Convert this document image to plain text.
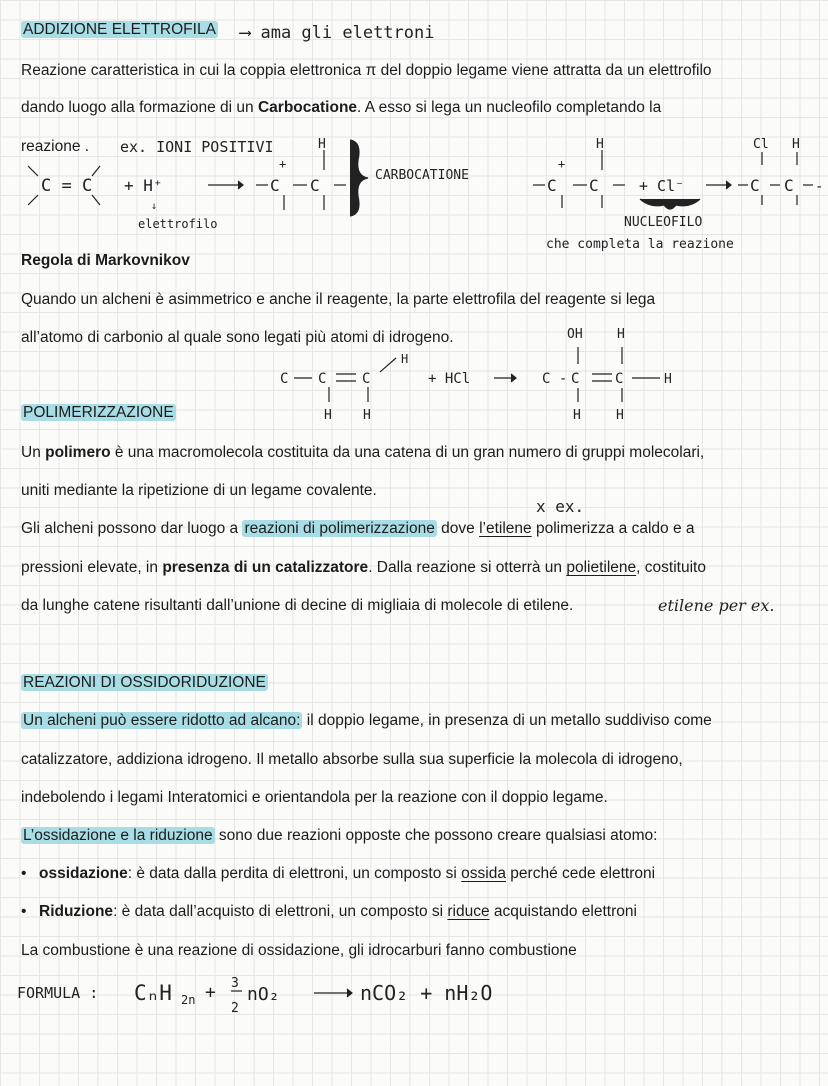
ADDIZIONE ELETTROFILA ⟶ ama gli elettroni
Reazione caratteristica in cui la coppia elettronica π del doppio legame viene attratta da un elettrofilo
dando luogo alla formazione di un Carbocatione. A esso si lega un nucleofilo completando la
reazione . ex. IONI POSITIVI
CARBOCATIONE
elettrofilo	NUCLEOFILO
che completa la reazione
C = C + H⁺
↓
C C
+
H
C C
+
H
+ Cl⁻	C C -
Cl H
C C	C
H
H H
+ HCl	C - C	C	H
OH	H
H	H
CₙH 2n + 3
2
nO₂	nCO₂ + nH₂O
Regola di Markovnikov
Quando un alcheni è asimmetrico e anche il reagente, la parte elettrofila del reagente si lega
all’atomo di carbonio al quale sono legati più atomi di idrogeno.
POLIMERIZZAZIONE
Un polimero è una macromolecola costituita da una catena di un gran numero di gruppi molecolari,
uniti mediante la ripetizione di un legame covalente.
x ex.
Gli alcheni possono dar luogo a reazioni di polimerizzazione dove l’etilene polimerizza a caldo e a
pressioni elevate, in presenza di un catalizzatore. Dalla reazione si otterrà un polietilene, costituito
da lunghe catene risultanti dall’unione di decine di migliaia di molecole di etilene.	etilene per ex.
REAZIONI DI OSSIDORIDUZIONE
Un alcheni può essere ridotto ad alcano: il doppio legame, in presenza di un metallo suddiviso come
catalizzatore, addiziona idrogeno. Il metallo absorbe sulla sua superficie la molecola di idrogeno,
indebolendo i legami Interatomici e orientandola per la reazione con il doppio legame.
L’ossidazione e la riduzione sono due reazioni opposte che possono creare qualsiasi atomo:
• ossidazione: è data dalla perdita di elettroni, un composto si ossida perché cede elettroni
• Riduzione: è data dall’acquisto di elettroni, un composto si riduce acquistando elettroni
La combustione è una reazione di ossidazione, gli idrocarburi fanno combustione
FORMULA :
